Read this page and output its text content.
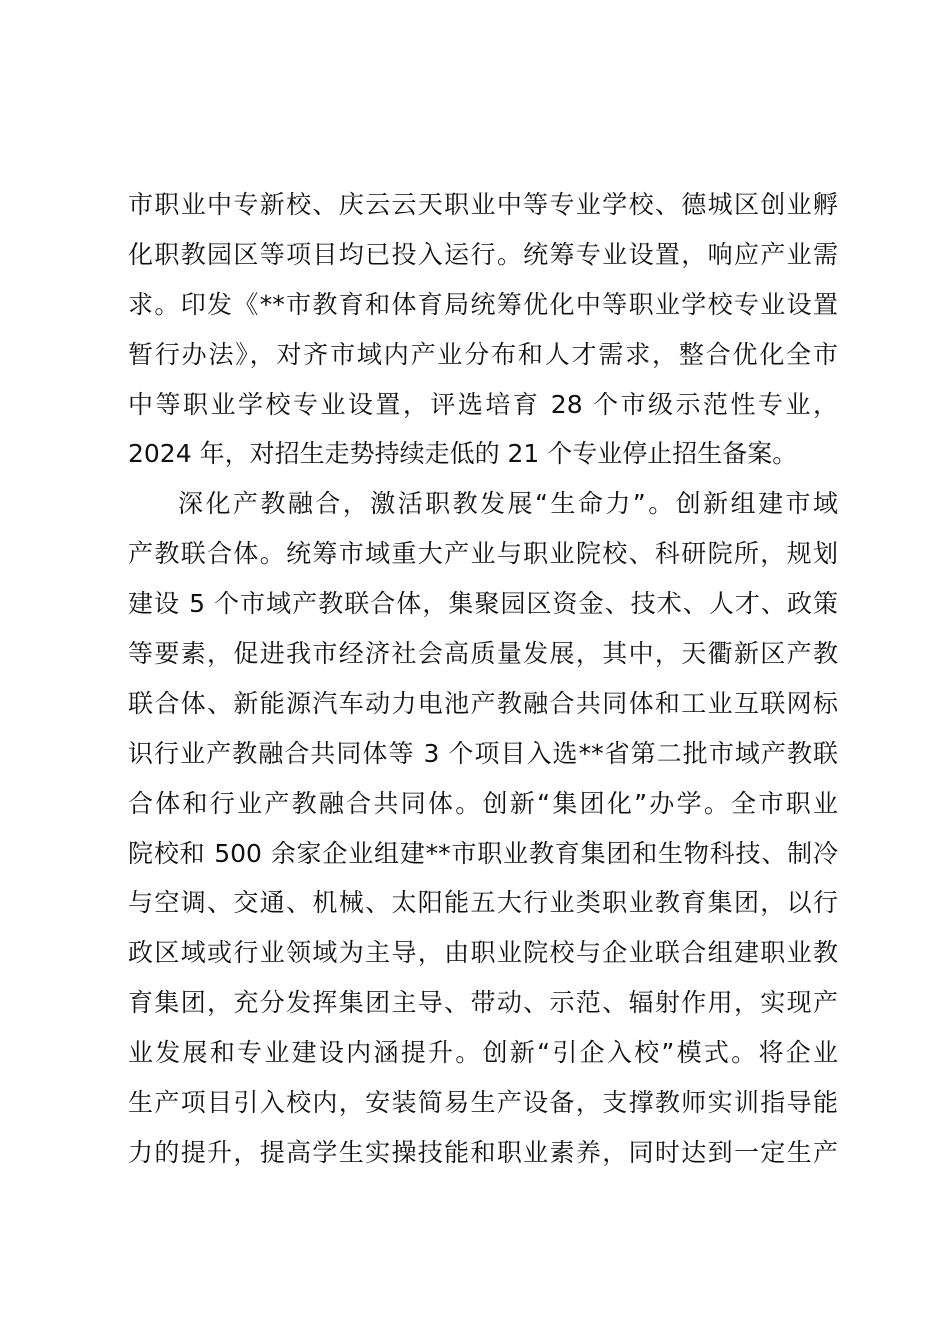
市职业中专新校、庆云云天职业中等专业学校、德城区创业孵
化职教园区等项目均已投入运行。统筹专业设置，响应产业需
求。印发《**市教育和体育局统筹优化中等职业学校专业设置
暂行办法》，对齐市域内产业分布和人才需求，整合优化全市
中等职业学校专业设置，评选培育 28 个市级示范性专业，
2024 年，对招生走势持续走低的 21 个专业停止招生备案。
深化产教融合，激活职教发展“生命力”。创新组建市域
产教联合体。统筹市域重大产业与职业院校、科研院所，规划
建设 5 个市域产教联合体，集聚园区资金、技术、人才、政策
等要素，促进我市经济社会高质量发展，其中，天衢新区产教
联合体、新能源汽车动力电池产教融合共同体和工业互联网标
识行业产教融合共同体等 3 个项目入选**省第二批市域产教联
合体和行业产教融合共同体。创新“集团化”办学。全市职业
院校和 500 余家企业组建**市职业教育集团和生物科技、制冷
与空调、交通、机械、太阳能五大行业类职业教育集团，以行
政区域或行业领域为主导，由职业院校与企业联合组建职业教
育集团，充分发挥集团主导、带动、示范、辐射作用，实现产
业发展和专业建设内涵提升。创新“引企入校”模式。将企业
生产项目引入校内，安装简易生产设备，支撑教师实训指导能
力的提升，提高学生实操技能和职业素养，同时达到一定生产
